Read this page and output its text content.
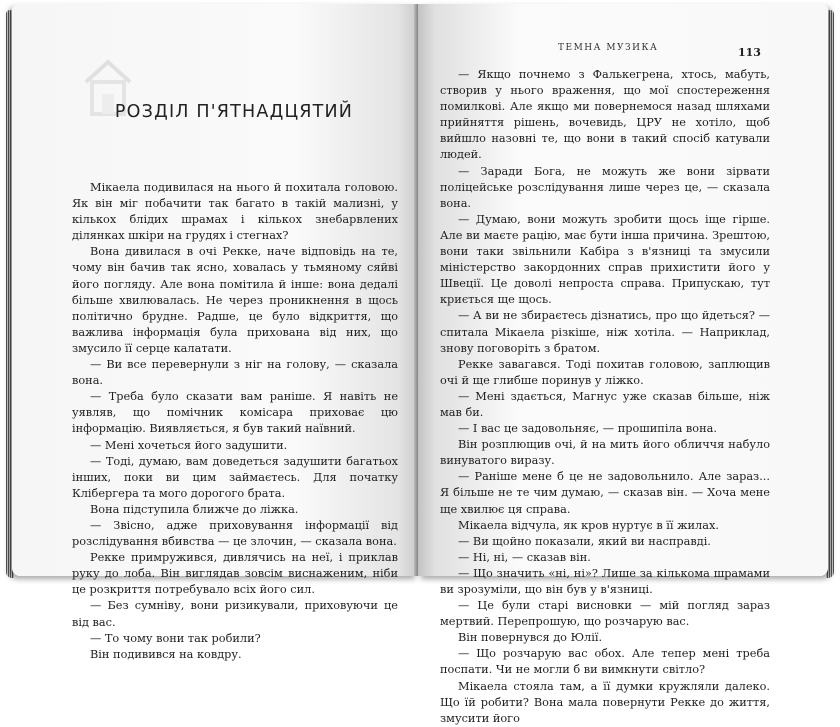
РОЗДІЛ П'ЯТНАДЦЯТИЙ

Мікаела подивилася на нього й похитала головою. Як він міг побачити так багато в такій мализні, у кількох блідих шрамах і кількох знебарвлених ділянках шкіри на грудях і стегнах?

Вона дивилася в очі Рекке, наче відповідь на те, чому він бачив так ясно, ховалась у тьмяному сяйві його погляду. Але вона помітила й інше: вона дедалі більше хвилювалась. Не через проникнення в щось політично брудне. Радше, це було відкриття, що важлива інформація була прихована від них, що змусило її серце калатати.

— Ви все перевернули з ніг на голову, — сказала вона.

— Треба було сказати вам раніше. Я навіть не уявляв, що помічник комісара приховає цю інформацію. Виявляється, я був такий наївний.

— Мені хочеться його задушити.

— Тоді, думаю, вам доведеться задушити багатьох інших, поки ви цим займаєтесь. Для початку Клібергера та мого дорогого брата.

Вона підступила ближче до ліжка.

— Звісно, адже приховування інформації від розслідування вбивства — це злочин, — сказала вона.

Рекке примружився, дивлячись на неї, і приклав руку до лоба. Він виглядав зовсім виснаженим, ніби це розкриття потребувало всіх його сил.

— Без сумніву, вони ризикували, приховуючи це від вас.

— То чому вони так робили?

Він подивився на ковдру.

ТЕМНА МУЗИКА	113

— Якщо почнемо з Фалькегрена, хтось, мабуть, створив у нього враження, що мої спостереження помилкові. Але якщо ми повернемося назад шляхами прийняття рішень, вочевидь, ЦРУ не хотіло, щоб вийшло назовні те, що вони в такий спосіб катували людей.

— Заради Бога, не можуть же вони зірвати поліцейське розслідування лише через це, — сказала вона.

— Думаю, вони можуть зробити щось іще гірше. Але ви маєте рацію, має бути інша причина. Зрештою, вони таки звільнили Кабіра з в'язниці та змусили міністерство закордонних справ прихистити його у Швеції. Це доволі непроста справа. Припускаю, тут криється ще щось.

— А ви не збираєтесь дізнатись, про що йдеться? — спитала Мікаела різкіше, ніж хотіла. — Наприклад, знову поговоріть з братом.

Рекке завагався. Тоді похитав головою, заплющив очі й ще глибше поринув у ліжко.

— Мені здається, Магнус уже сказав більше, ніж мав би.

— І вас це задовольняє, — прошипіла вона.

Він розплющив очі, й на мить його обличчя набуло винуватого виразу.

— Раніше мене б це не задовольнило. Але зараз... Я більше не те чим думаю, — сказав він. — Хоча мене ще хвилює ця справа.

Мікаела відчула, як кров нуртує в її жилах.

— Ви щойно показали, який ви насправді.

— Ні, ні, — сказав він.

— Що значить «ні, ні»? Лише за кількома шрамами ви зрозуміли, що він був у в'язниці.

— Це були старі висновки — мій погляд зараз мертвий. Перепрошую, що розчарую вас.

Він повернувся до Юлії.

— Що розчарую вас обох. Але тепер мені треба поспати. Чи не могли б ви вимкнути світло?

Мікаела стояла там, а її думки кружляли далеко. Що їй робити? Вона мала повернути Рекке до життя, змусити його
